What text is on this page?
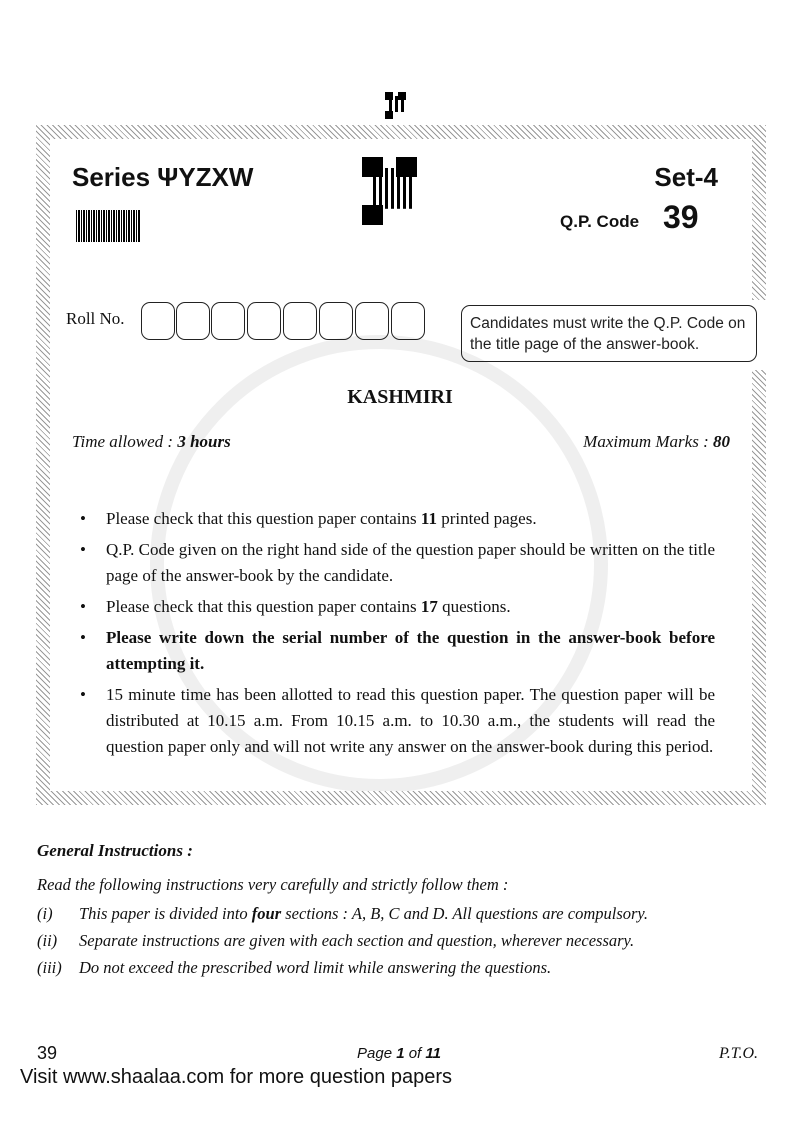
Series ΨYZXW	Set-4
Q.P. Code 39
Roll No.	Candidates must write the Q.P. Code on the title page of the answer-book.
KASHMIRI
Time allowed : 3 hours	Maximum Marks : 80
• Please check that this question paper contains 11 printed pages.
• Q.P. Code given on the right hand side of the question paper should be written on the title page of the answer-book by the candidate.
• Please check that this question paper contains 17 questions.
• Please write down the serial number of the question in the answer-book before attempting it.
• 15 minute time has been allotted to read this question paper. The question paper will be distributed at 10.15 a.m. From 10.15 a.m. to 10.30 a.m., the students will read the question paper only and will not write any answer on the answer-book during this period.
General Instructions :
Read the following instructions very carefully and strictly follow them :
(i) This paper is divided into four sections : A, B, C and D. All questions are compulsory.
(ii) Separate instructions are given with each section and question, wherever necessary.
(iii) Do not exceed the prescribed word limit while answering the questions.
39	Page 1 of 11	P.T.O.
Visit www.shaalaa.com for more question papers
